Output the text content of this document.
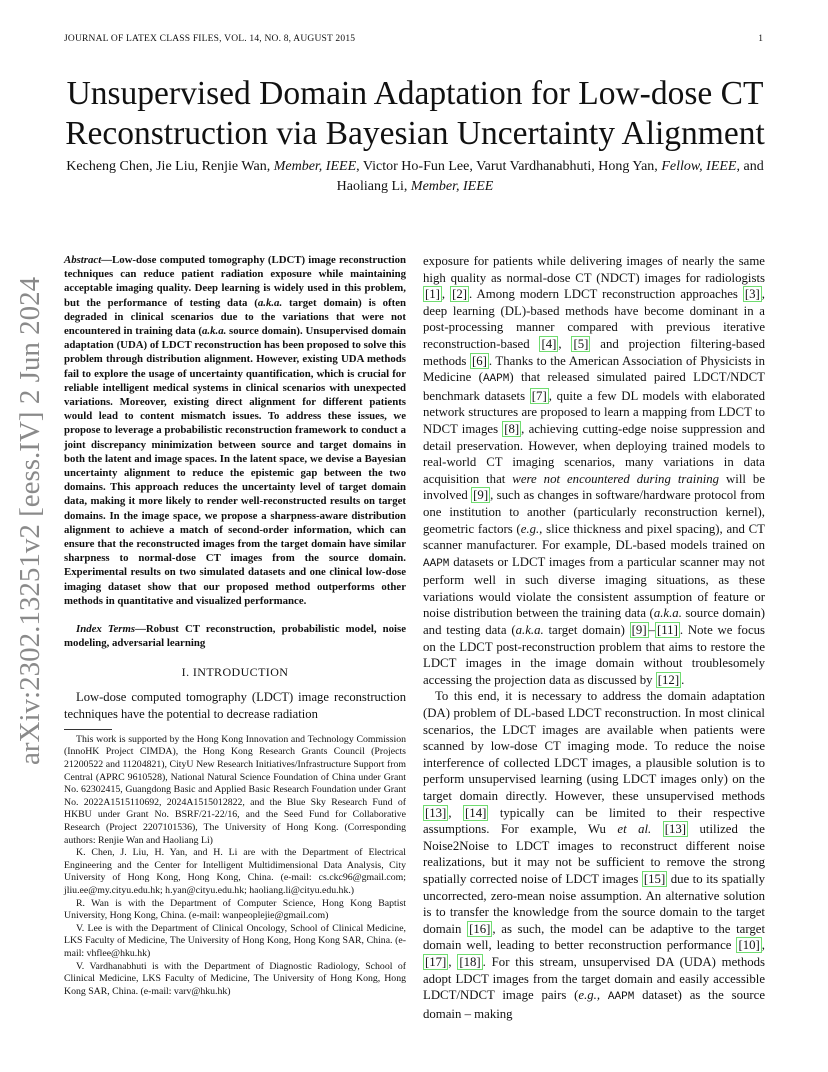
JOURNAL OF LATEX CLASS FILES, VOL. 14, NO. 8, AUGUST 2015	1
arXiv:2302.13251v2 [eess.IV] 2 Jun 2024
Unsupervised Domain Adaptation for Low-dose CT Reconstruction via Bayesian Uncertainty Alignment
Kecheng Chen, Jie Liu, Renjie Wan, Member, IEEE, Victor Ho-Fun Lee, Varut Vardhanabhuti, Hong Yan, Fellow, IEEE, and Haoliang Li, Member, IEEE

Abstract—Low-dose computed tomography (LDCT) image reconstruction techniques can reduce patient radiation exposure while maintaining acceptable imaging quality. Deep learning is widely used in this problem, but the performance of testing data (a.k.a. target domain) is often degraded in clinical scenarios due to the variations that were not encountered in training data (a.k.a. source domain). Unsupervised domain adaptation (UDA) of LDCT reconstruction has been proposed to solve this problem through distribution alignment. However, existing UDA methods fail to explore the usage of uncertainty quantification, which is crucial for reliable intelligent medical systems in clinical scenarios with unexpected variations. Moreover, existing direct alignment for different patients would lead to content mismatch issues. To address these issues, we propose to leverage a probabilistic reconstruction framework to conduct a joint discrepancy minimization between source and target domains in both the latent and image spaces. In the latent space, we devise a Bayesian uncertainty alignment to reduce the epistemic gap between the two domains. This approach reduces the uncertainty level of target domain data, making it more likely to render well-reconstructed results on target domains. In the image space, we propose a sharpness-aware distribution alignment to achieve a match of second-order information, which can ensure that the reconstructed images from the target domain have similar sharpness to normal-dose CT images from the source domain. Experimental results on two simulated datasets and one clinical low-dose imaging dataset show that our proposed method outperforms other methods in quantitative and visualized performance.

Index Terms—Robust CT reconstruction, probabilistic model, noise modeling, adversarial learning

I. INTRODUCTION

Low-dose computed tomography (LDCT) image reconstruction techniques have the potential to decrease radiation

This work is supported by the Hong Kong Innovation and Technology Commission (InnoHK Project CIMDA), the Hong Kong Research Grants Council (Projects 21200522 and 11204821), CityU New Research Initiatives/Infrastructure Support from Central (APRC 9610528), National Natural Science Foundation of China under Grant No. 62302415, Guangdong Basic and Applied Basic Research Foundation under Grant No. 2022A1515110692, 2024A1515012822, and the Blue Sky Research Fund of HKBU under Grant No. BSRF/21-22/16, and the Seed Fund for Collaborative Research (Project 2207101536), The University of Hong Kong. (Corresponding authors: Renjie Wan and Haoliang Li)

K. Chen, J. Liu, H. Yan, and H. Li are with the Department of Electrical Engineering and the Center for Intelligent Multidimensional Data Analysis, City University of Hong Kong, Hong Kong, China. (e-mail: cs.ckc96@gmail.com; jliu.ee@my.cityu.edu.hk; h.yan@cityu.edu.hk; haoliang.li@cityu.edu.hk.)

R. Wan is with the Department of Computer Science, Hong Kong Baptist University, Hong Kong, China. (e-mail: wanpeoplejie@gmail.com)

V. Lee is with the Department of Clinical Oncology, School of Clinical Medicine, LKS Faculty of Medicine, The University of Hong Kong, Hong Kong SAR, China. (e-mail: vhflee@hku.hk)

V. Vardhanabhuti is with the Department of Diagnostic Radiology, School of Clinical Medicine, LKS Faculty of Medicine, The University of Hong Kong, Hong Kong SAR, China. (e-mail: varv@hku.hk)

exposure for patients while delivering images of nearly the same high quality as normal-dose CT (NDCT) images for radiologists [1] , [2] . Among modern LDCT reconstruction approaches [3] , deep learning (DL)-based methods have become dominant in a post-processing manner compared with previous iterative reconstruction-based [4] , [5] and projection filtering-based methods [6] . Thanks to the American Association of Physicists in Medicine (AAPM) that released simulated paired LDCT/NDCT benchmark datasets [7] , quite a few DL models with elaborated network structures are proposed to learn a mapping from LDCT to NDCT images [8] , achieving cutting-edge noise suppression and detail preservation. However, when deploying trained models to real-world CT imaging scenarios, many variations in data acquisition that were not encountered during training will be involved [9] , such as changes in software/hardware protocol from one institution to another (particularly reconstruction kernel), geometric factors (e.g., slice thickness and pixel spacing), and CT scanner manufacturer. For example, DL-based models trained on AAPM datasets or LDCT images from a particular scanner may not perform well in such diverse imaging situations, as these variations would violate the consistent assumption of feature or noise distribution between the training data (a.k.a. source domain) and testing data (a.k.a. target domain) [9] – [11] . Note we focus on the LDCT post-reconstruction problem that aims to restore the LDCT images in the image domain without troublesomely accessing the projection data as discussed by [12] .

To this end, it is necessary to address the domain adaptation (DA) problem of DL-based LDCT reconstruction. In most clinical scenarios, the LDCT images are available when patients were scanned by low-dose CT imaging mode. To reduce the noise interference of collected LDCT images, a plausible solution is to perform unsupervised learning (using LDCT images only) on the target domain directly. However, these unsupervised methods [13] , [14] typically can be limited to their respective assumptions. For example, Wu et al. [13] utilized the Noise2Noise to LDCT images to reconstruct different noise realizations, but it may not be sufficient to remove the strong spatially corrected noise of LDCT images [15] due to its spatially uncorrected, zero-mean noise assumption. An alternative solution is to transfer the knowledge from the source domain to the target domain [16] , as such, the model can be adaptive to the target domain well, leading to better reconstruction performance [10] , [17] , [18] . For this stream, unsupervised DA (UDA) methods adopt LDCT images from the target domain and easily accessible LDCT/NDCT image pairs (e.g., AAPM dataset) as the source domain – making
